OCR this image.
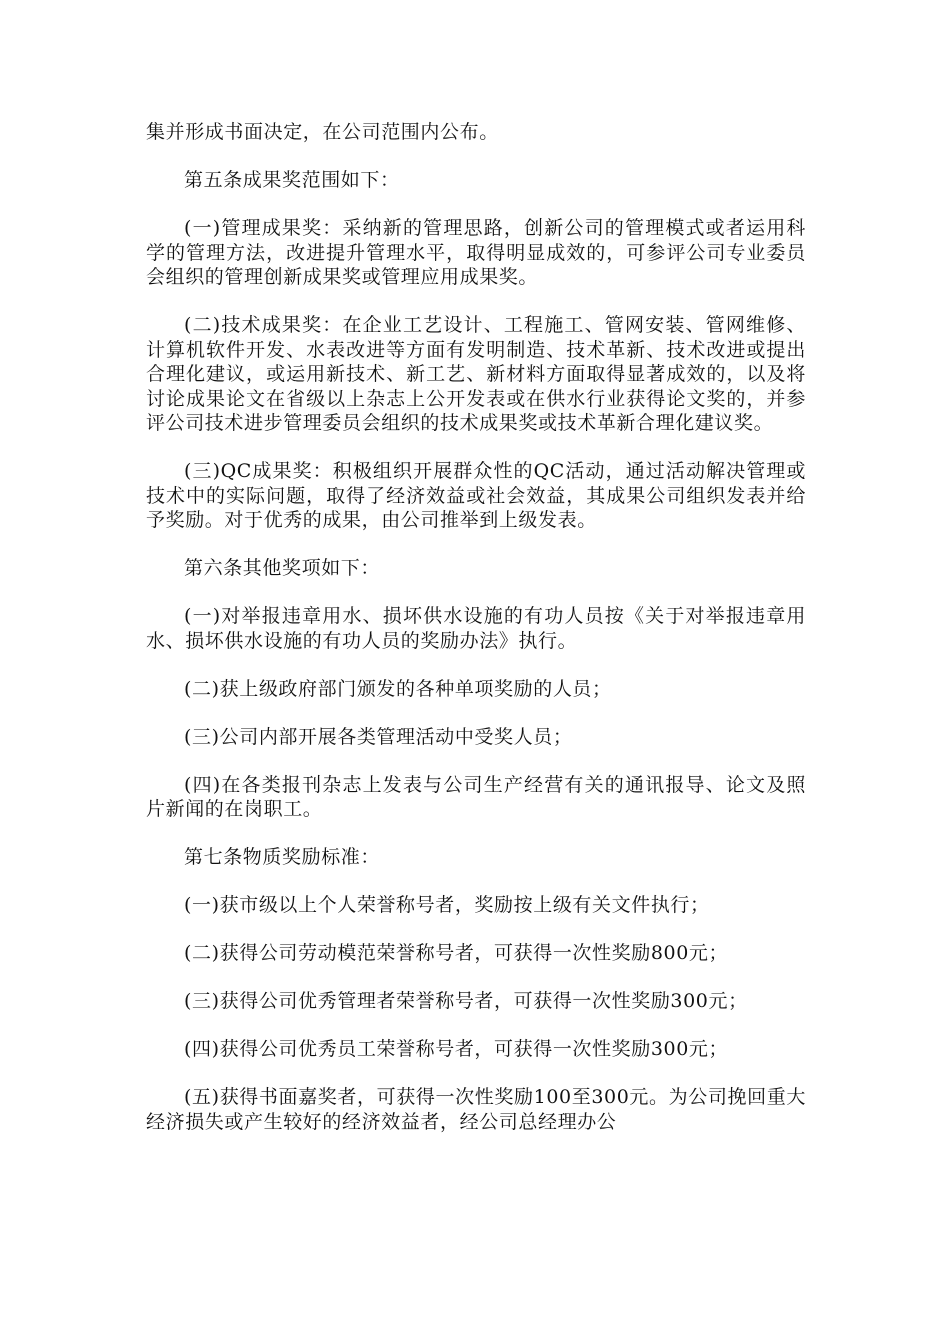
集并形成书面决定，在公司范围内公布。

第五条成果奖范围如下：

(一)管理成果奖：采纳新的管理思路，创新公司的管理模式或者运用科学的管理方法，改进提升管理水平，取得明显成效的，可参评公司专业委员会组织的管理创新成果奖或管理应用成果奖。

(二)技术成果奖：在企业工艺设计、工程施工、管网安装、管网维修、计算机软件开发、水表改进等方面有发明制造、技术革新、技术改进或提出合理化建议，或运用新技术、新工艺、新材料方面取得显著成效的，以及将讨论成果论文在省级以上杂志上公开发表或在供水行业获得论文奖的，并参评公司技术进步管理委员会组织的技术成果奖或技术革新合理化建议奖。

(三)QC成果奖：积极组织开展群众性的QC活动，通过活动解决管理或技术中的实际问题，取得了经济效益或社会效益，其成果公司组织发表并给予奖励。对于优秀的成果，由公司推举到上级发表。

第六条其他奖项如下：

(一)对举报违章用水、损坏供水设施的有功人员按《关于对举报违章用水、损坏供水设施的有功人员的奖励办法》执行。

(二)获上级政府部门颁发的各种单项奖励的人员；

(三)公司内部开展各类管理活动中受奖人员；

(四)在各类报刊杂志上发表与公司生产经营有关的通讯报导、论文及照片新闻的在岗职工。

第七条物质奖励标准：

(一)获市级以上个人荣誉称号者，奖励按上级有关文件执行；

(二)获得公司劳动模范荣誉称号者，可获得一次性奖励800元；

(三)获得公司优秀管理者荣誉称号者，可获得一次性奖励300元；

(四)获得公司优秀员工荣誉称号者，可获得一次性奖励300元；

(五)获得书面嘉奖者，可获得一次性奖励100至300元。为公司挽回重大经济损失或产生较好的经济效益者，经公司总经理办公
